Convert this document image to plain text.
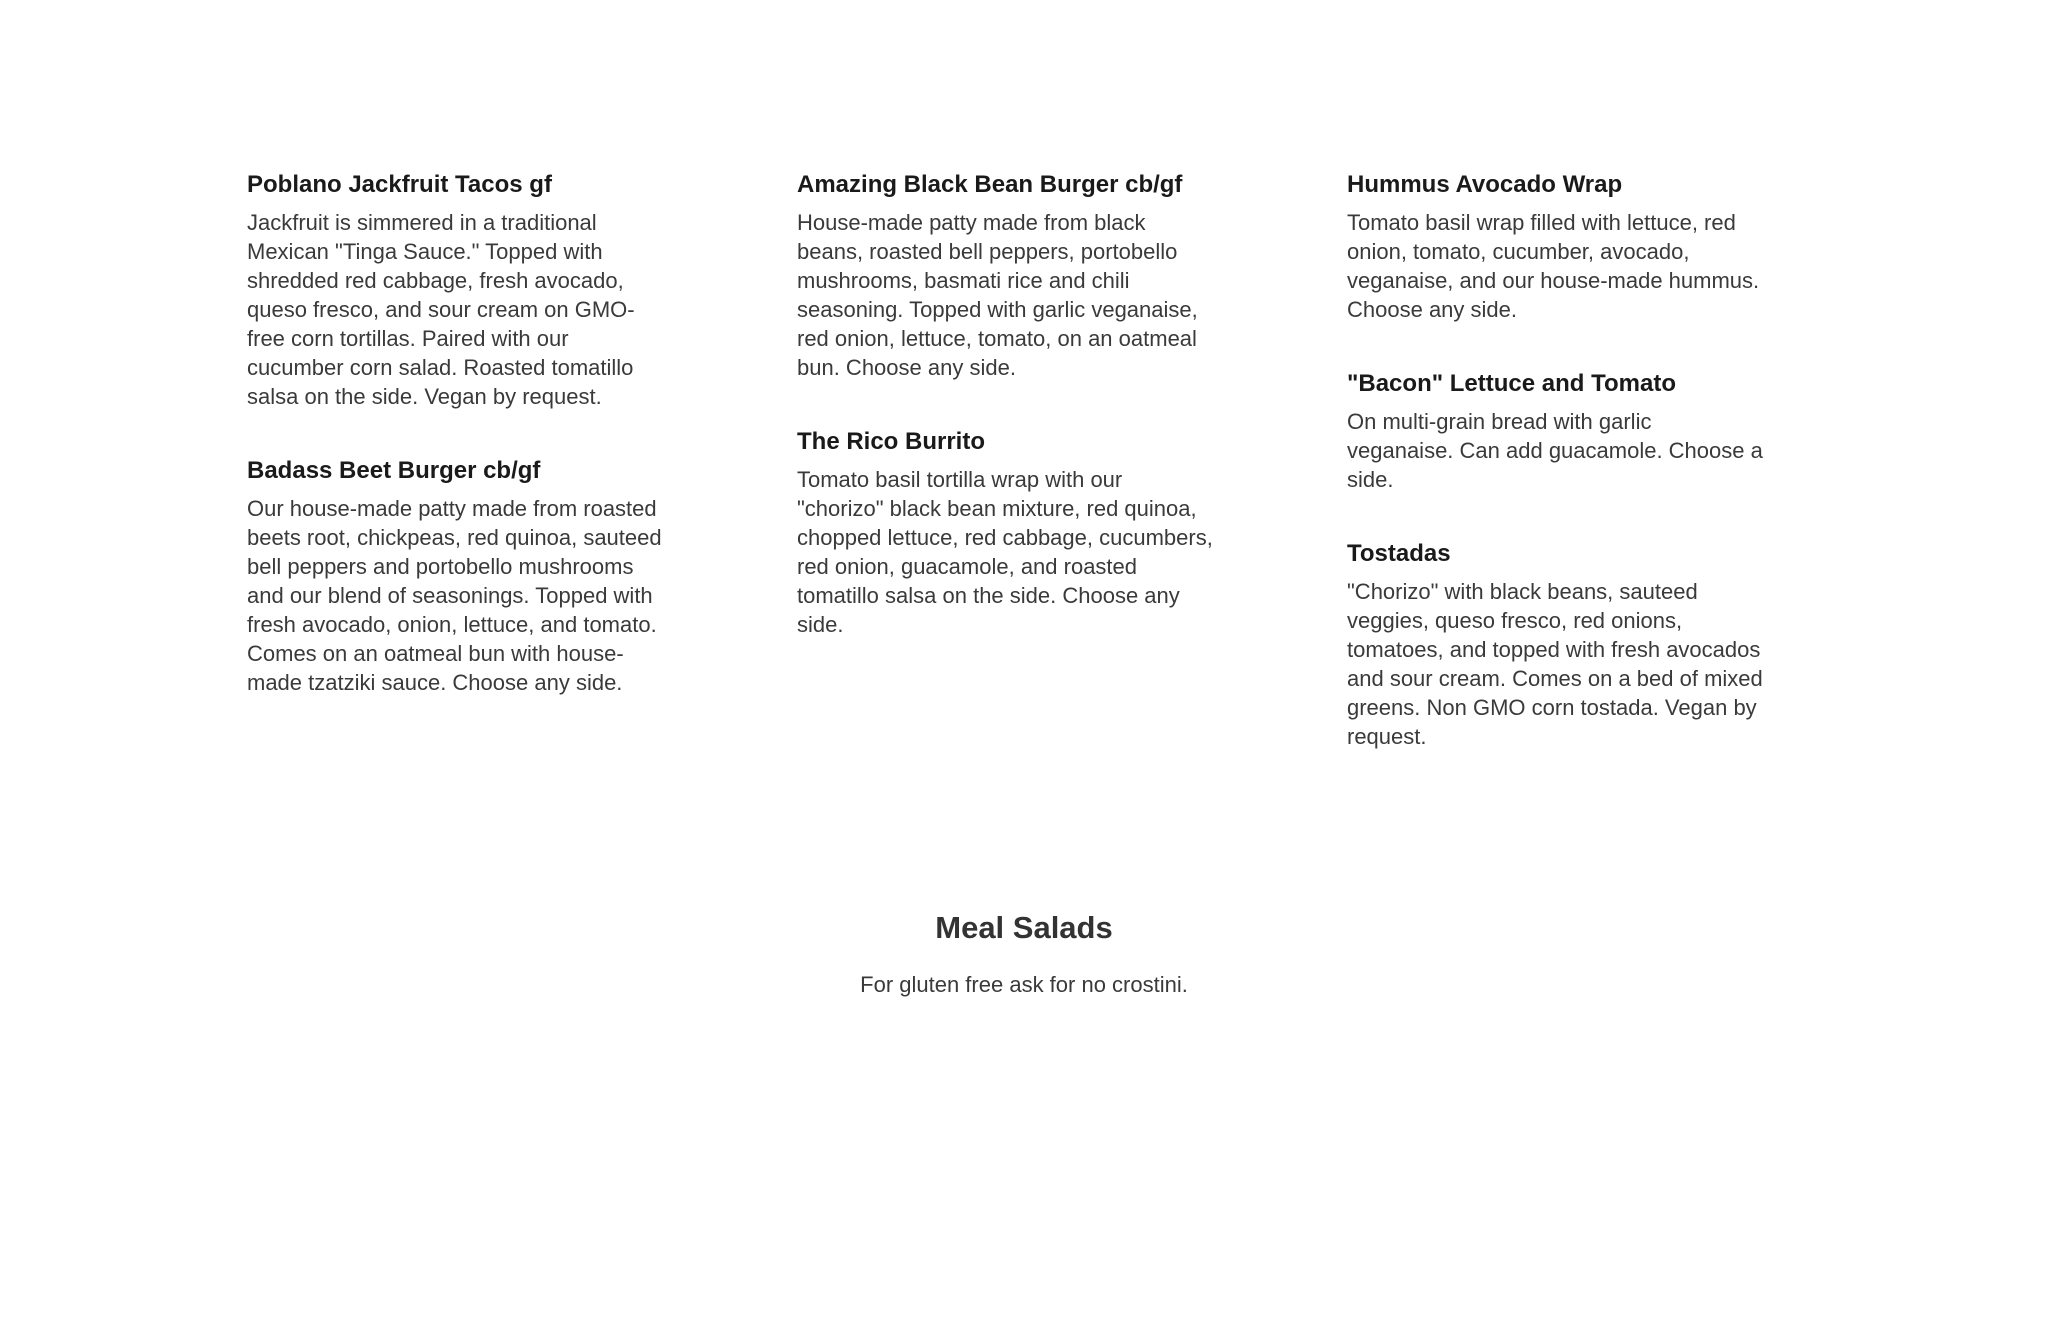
Poblano Jackfruit Tacos gf

Jackfruit is simmered in a traditional Mexican "Tinga Sauce." Topped with shredded red cabbage, fresh avocado, queso fresco, and sour cream on GMO-free corn tortillas. Paired with our cucumber corn salad. Roasted tomatillo salsa on the side. Vegan by request.

Badass Beet Burger cb/gf

Our house-made patty made from roasted beets root, chickpeas, red quinoa, sauteed bell peppers and portobello mushrooms and our blend of seasonings. Topped with fresh avocado, onion, lettuce, and tomato. Comes on an oatmeal bun with house-made tzatziki sauce. Choose any side.

Amazing Black Bean Burger cb/gf

House-made patty made from black beans, roasted bell peppers, portobello mushrooms, basmati rice and chili seasoning. Topped with garlic veganaise, red onion, lettuce, tomato, on an oatmeal bun. Choose any side.

The Rico Burrito

Tomato basil tortilla wrap with our "chorizo" black bean mixture, red quinoa, chopped lettuce, red cabbage, cucumbers, red onion, guacamole, and roasted tomatillo salsa on the side. Choose any side.

Hummus Avocado Wrap

Tomato basil wrap filled with lettuce, red onion, tomato, cucumber, avocado, veganaise, and our house-made hummus. Choose any side.

"Bacon" Lettuce and Tomato

On multi-grain bread with garlic veganaise. Can add guacamole. Choose a side.

Tostadas

"Chorizo" with black beans, sauteed veggies, queso fresco, red onions, tomatoes, and topped with fresh avocados and sour cream. Comes on a bed of mixed greens. Non GMO corn tostada. Vegan by request.

Meal Salads

For gluten free ask for no crostini.
